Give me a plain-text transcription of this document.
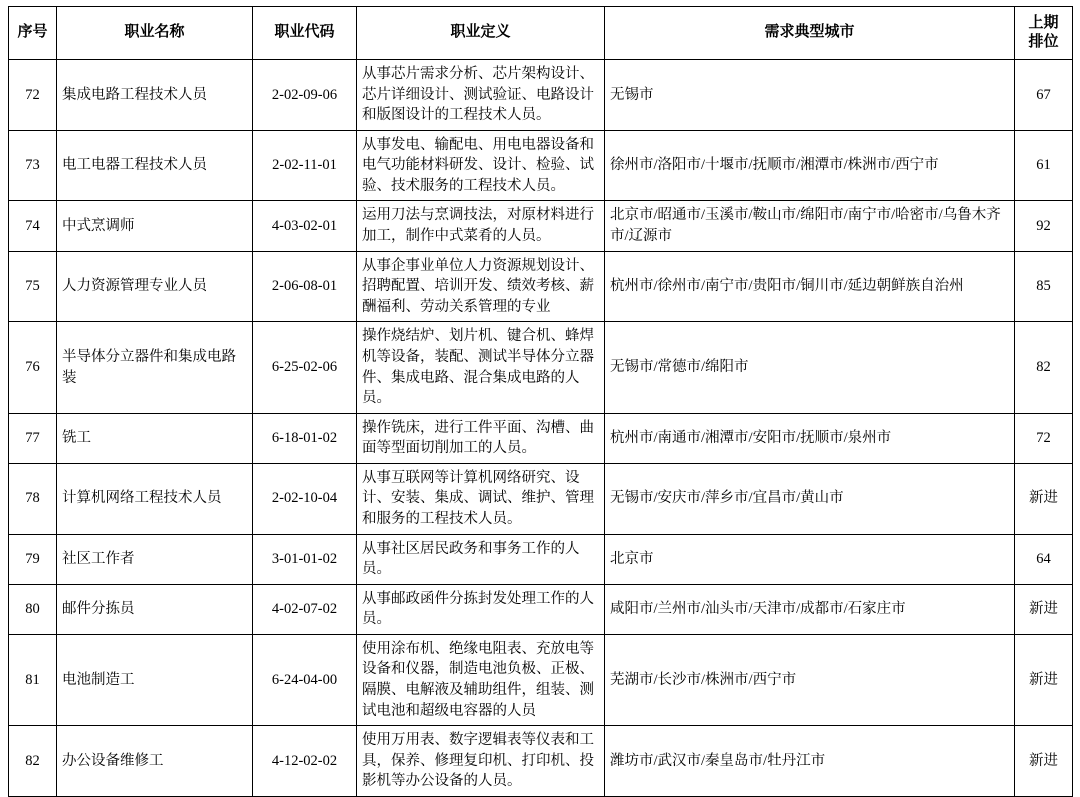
序号	职业名称	职业代码	职业定义	需求典型城市	上期
排位

72	集成电路工程技术人员	2-02-09-06	从事芯片需求分析、芯片架构设计、芯片详细设计、测试验证、电路设计和版图设计的工程技术人员。	无锡市	67
73	电工电器工程技术人员	2-02-11-01	从事发电、输配电、用电电器设备和电气功能材料研发、设计、检验、试验、技术服务的工程技术人员。	徐州市/洛阳市/十堰市/抚顺市/湘潭市/株洲市/西宁市	61
74	中式烹调师	4-03-02-01	运用刀法与烹调技法，对原材料进行加工，制作中式菜肴的人员。	北京市/昭通市/玉溪市/鞍山市/绵阳市/南宁市/哈密市/乌鲁木齐市/辽源市	92
75	人力资源管理专业人员	2-06-08-01	从事企事业单位人力资源规划设计、招聘配置、培训开发、绩效考核、薪酬福利、劳动关系管理的专业	杭州市/徐州市/南宁市/贵阳市/铜川市/延边朝鲜族自治州	85
76	半导体分立器件和集成电路装	6-25-02-06	操作烧结炉、划片机、键合机、蜂焊机等设备，装配、测试半导体分立器件、集成电路、混合集成电路的人员。	无锡市/常德市/绵阳市	82
77	铣工	6-18-01-02	操作铣床，进行工件平面、沟槽、曲面等型面切削加工的人员。	杭州市/南通市/湘潭市/安阳市/抚顺市/泉州市	72
78	计算机网络工程技术人员	2-02-10-04	从事互联网等计算机网络研究、设计、安装、集成、调试、维护、管理和服务的工程技术人员。	无锡市/安庆市/萍乡市/宜昌市/黄山市	新进
79	社区工作者	3-01-01-02	从事社区居民政务和事务工作的人员。	北京市	64
80	邮件分拣员	4-02-07-02	从事邮政函件分拣封发处理工作的人员。	咸阳市/兰州市/汕头市/天津市/成都市/石家庄市	新进
81	电池制造工	6-24-04-00	使用涂布机、绝缘电阻表、充放电等设备和仪器，制造电池负极、正极、隔膜、电解液及辅助组件，组装、测试电池和超级电容器的人员	芜湖市/长沙市/株洲市/西宁市	新进
82	办公设备维修工	4-12-02-02	使用万用表、数字逻辑表等仪表和工具，保养、修理复印机、打印机、投影机等办公设备的人员。	潍坊市/武汉市/秦皇岛市/牡丹江市	新进
